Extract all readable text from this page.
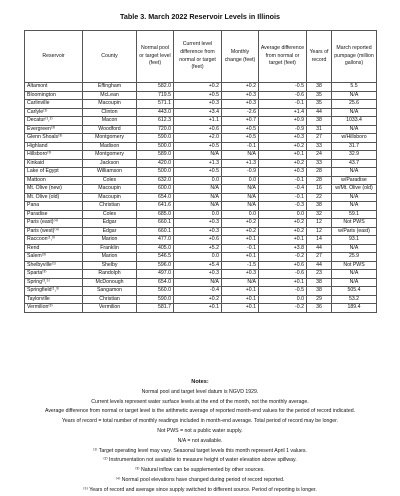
Table 3. March 2022 Reservoir Levels in Illinois
Reservoir	County	Normal pool or target level (feet)	Current level difference from normal or target (feet)	Monthly change (feet)	Average difference from normal or target (feet)	Years of record	March reported pumpage (million gallons)
Altamont	Effingham	582.0	+0.2	+0.2	-0.5	38	5.5
Bloomington	McLean	719.5	+0.5	+0.3	-0.6	35	N/A
Carlinville	Macoupin	571.1	+0.3	+0.3	-0.1	35	25.6
Carlyle⁽¹⁾	Clinton	443.0	+3.4	-2.6	+1.4	44	N/A
Decatur⁽¹,²⁾	Macon	612.3	+1.1	+0.7	+0.9	38	1033.4
Evergreen⁽³⁾	Woodford	720.0	+0.6	+0.5	-0.9	31	N/A
Glenn Shoals⁽³⁾	Montgomery	590.0	+2.0	+0.5	+0.3	27	w/Hillsboro
Highland	Madison	500.0	+0.5	-0.1	+0.2	33	31.7
Hillsboro⁽³⁾	Montgomery	589.0	N/A	N/A	+0.1	24	32.9
Kinkaid	Jackson	420.0	+1.3	+1.3	+0.2	33	43.7
Lake of Egypt	Williamson	500.0	+0.5	-0.9	+0.3	28	N/A
Mattoon	Coles	632.0	0.0	0.0	-0.1	28	w/Paradise
Mt. Olive (new)	Macoupin	600.0	N/A	N/A	-0.4	16	w/Mt. Olive (old)
Mt. Olive (old)	Macoupin	654.0	N/A	N/A	-0.1	22	N/A
Pana	Christian	641.6	N/A	N/A	-0.3	38	N/A
Paradise	Coles	685.0	0.0	0.0	0.0	32	59.1
Paris (east)⁽⁴⁾	Edgar	660.1	+0.3	+0.2	+0.2	12	Not PWS
Paris (west)⁽⁴⁾	Edgar	660.1	+0.3	+0.2	+0.2	12	w/Paris (east)
Raccoon⁽¹,³⁾	Marion	477.0	+0.6	+0.1	+0.1	14	93.1
Rend	Franklin	405.0	+5.2	-0.1	+3.8	44	N/A
Salem⁽³⁾	Marion	546.5	0.0	+0.1	-0.2	27	25.9
Shelbyville⁽¹⁾	Shelby	596.0	+5.4	-1.5	+0.6	44	Not PWS
Sparta⁽³⁾	Randolph	497.0	+0.3	+0.3	-0.6	23	N/A
Spring⁽³,⁵⁾	McDonough	654.0	N/A	N/A	+0.1	38	N/A
Springfield⁽¹,³⁾	Sangamon	560.0	-0.4	+0.1	-0.5	38	505.4
Taylorville	Christian	590.0	+0.2	+0.1	0.0	29	53.2
Vermilion⁽³⁾	Vermilion	581.7	+0.1	+0.1	-0.2	36	189.4
Notes:
Normal pool and target level datum is NGVD 1929.
Current levels represent water surface levels at the end of the month, not the monthly average.
Average difference from normal or target level is the arithmetic average of reported month-end values for the period of record indicated.
Years of record = total number of monthly readings included in month-end average. Total period of record may be longer.
Not PWS = not a public water supply.
N/A = not available.
⁽¹⁾ Target operating level may vary. Seasonal target levels this month represent April 1 values.
⁽²⁾ Instrumentation not available to measure height of water elevation above spillway.
⁽³⁾ Natural inflow can be supplemented by other sources.
⁽⁴⁾ Normal pool elevations have changed during period of record reported.
⁽⁵⁾ Years of record and average since supply switched to different source. Period of reporting is longer.
